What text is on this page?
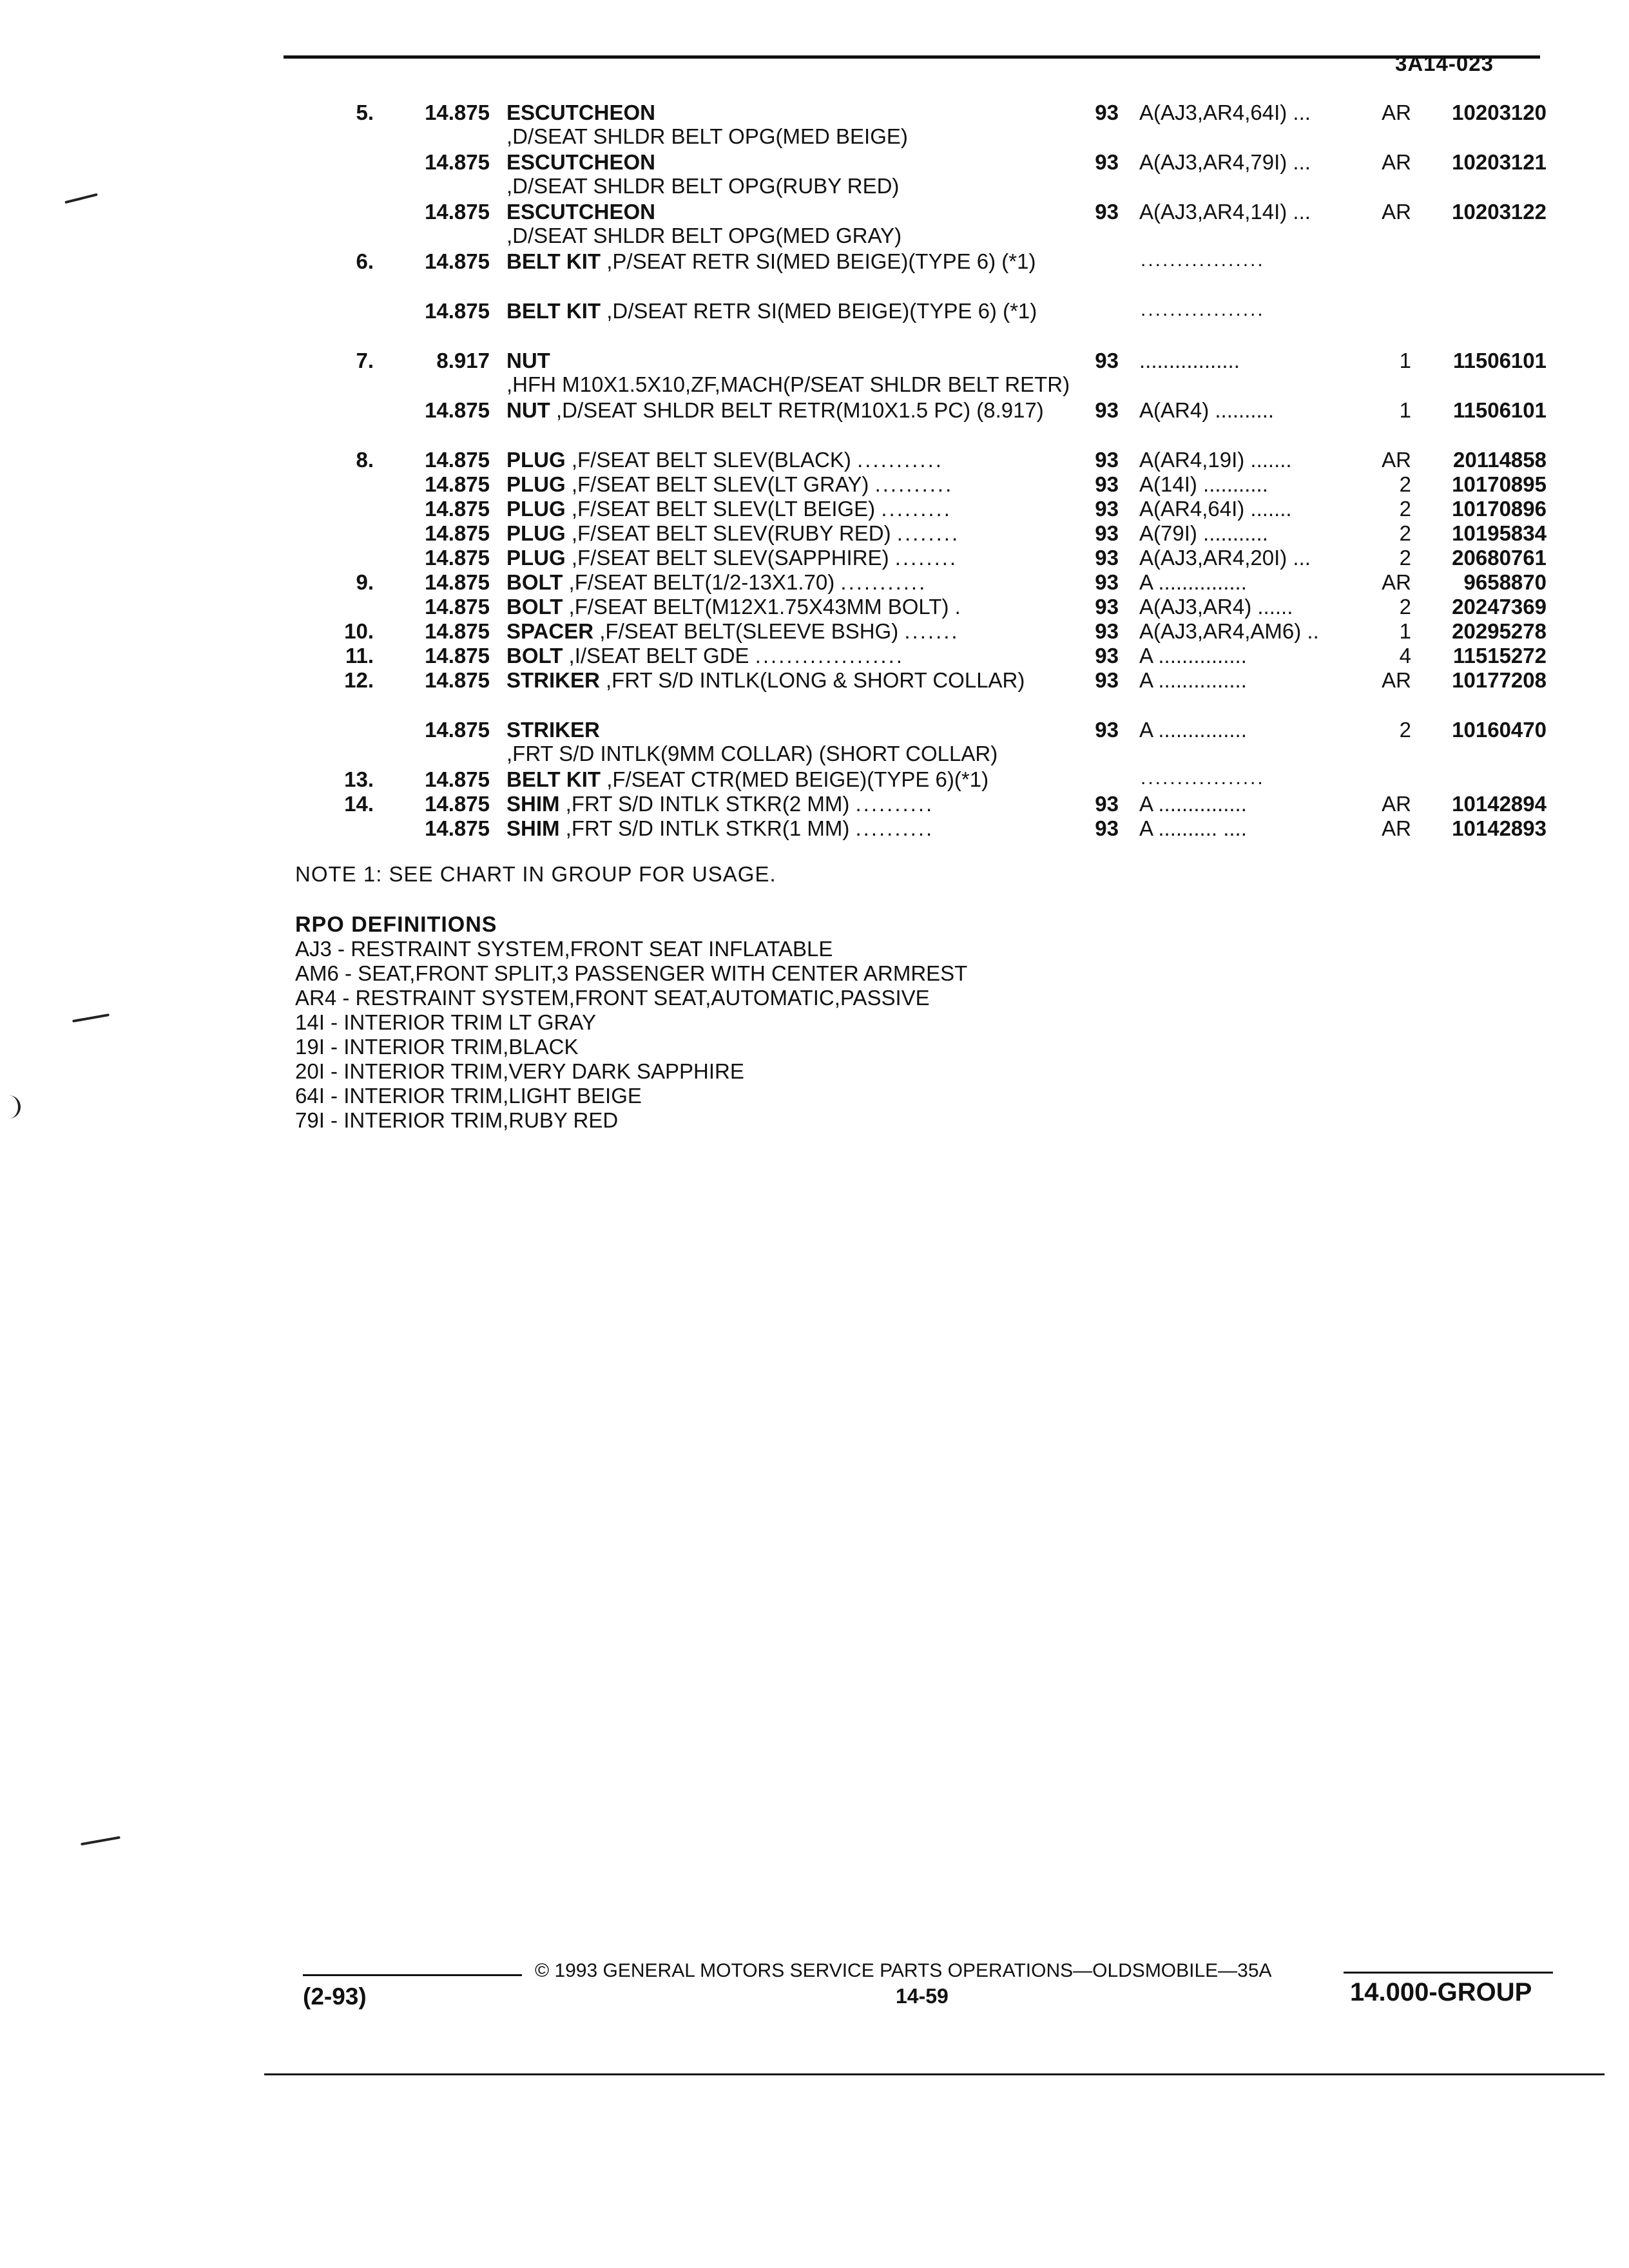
3A14-023
5.	14.875 ESCUTCHEON ,D/SEAT SHLDR BELT OPG(MED BEIGE)
93 A(AJ3,AR4,64I) ...	AR	10203120
14.875 ESCUTCHEON ,D/SEAT SHLDR BELT OPG(RUBY RED)
93 A(AJ3,AR4,79I) ...	AR	10203121
14.875 ESCUTCHEON ,D/SEAT SHLDR BELT OPG(MED GRAY)
93 A(AJ3,AR4,14I) ...	AR	10203122
6.	14.875 BELT KIT ,P/SEAT RETR SI(MED BEIGE)(TYPE 6) (*1)	.................
14.875 BELT KIT ,D/SEAT RETR SI(MED BEIGE)(TYPE 6) (*1)	.................
7.	8.917 NUT ,HFH M10X1.5X10,ZF,MACH(P/SEAT SHLDR BELT RETR)
93 .................	1	11506101
14.875 NUT ,D/SEAT SHLDR BELT RETR(M10X1.5 PC) (8.917) 93 A(AR4) ..........	1	11506101
8.	14.875 PLUG ,F/SEAT BELT SLEV(BLACK) ...........	93 A(AR4,19I) .......	AR	20114858
14.875 PLUG ,F/SEAT BELT SLEV(LT GRAY) ..........	93 A(14I) ...........	2	10170895
14.875 PLUG ,F/SEAT BELT SLEV(LT BEIGE) .........	93 A(AR4,64I) .......	2	10170896
14.875 PLUG ,F/SEAT BELT SLEV(RUBY RED) ........	93 A(79I) ...........	2	10195834
14.875 PLUG ,F/SEAT BELT SLEV(SAPPHIRE) ........	93 A(AJ3,AR4,20I) ...	2	20680761
9.	14.875 BOLT ,F/SEAT BELT(1/2-13X1.70) ...........	93 A ...............	AR	9658870
14.875 BOLT ,F/SEAT BELT(M12X1.75X43MM BOLT) .	93 A(AJ3,AR4) ......	2	20247369
10.	14.875 SPACER ,F/SEAT BELT(SLEEVE BSHG) .......	93 A(AJ3,AR4,AM6) ..	1	20295278
11.	14.875 BOLT ,I/SEAT BELT GDE ...................	93 A ...............	4	11515272
12.	14.875 STRIKER ,FRT S/D INTLK(LONG & SHORT COLLAR)	93 A ...............	AR	10177208
14.875 STRIKER ,FRT S/D INTLK(9MM COLLAR) (SHORT COLLAR)
93 A ...............	2	10160470
13.	14.875 BELT KIT ,F/SEAT CTR(MED BEIGE)(TYPE 6)(*1)	.................
14.	14.875 SHIM ,FRT S/D INTLK STKR(2 MM) ..........	93 A ...............	AR	10142894
14.875 SHIM ,FRT S/D INTLK STKR(1 MM) ..........	93 A .......... ....	AR	10142893
NOTE 1: SEE CHART IN GROUP FOR USAGE.
RPO DEFINITIONS
AJ3 - RESTRAINT SYSTEM,FRONT SEAT INFLATABLE
AM6 - SEAT,FRONT SPLIT,3 PASSENGER WITH CENTER ARMREST
AR4 - RESTRAINT SYSTEM,FRONT SEAT,AUTOMATIC,PASSIVE
14I - INTERIOR TRIM LT GRAY
19I - INTERIOR TRIM,BLACK
20I - INTERIOR TRIM,VERY DARK SAPPHIRE
64I - INTERIOR TRIM,LIGHT BEIGE
79I - INTERIOR TRIM,RUBY RED
© 1993 GENERAL MOTORS SERVICE PARTS OPERATIONS—OLDSMOBILE—35A
(2-93)	14-59	14.000-GROUP
